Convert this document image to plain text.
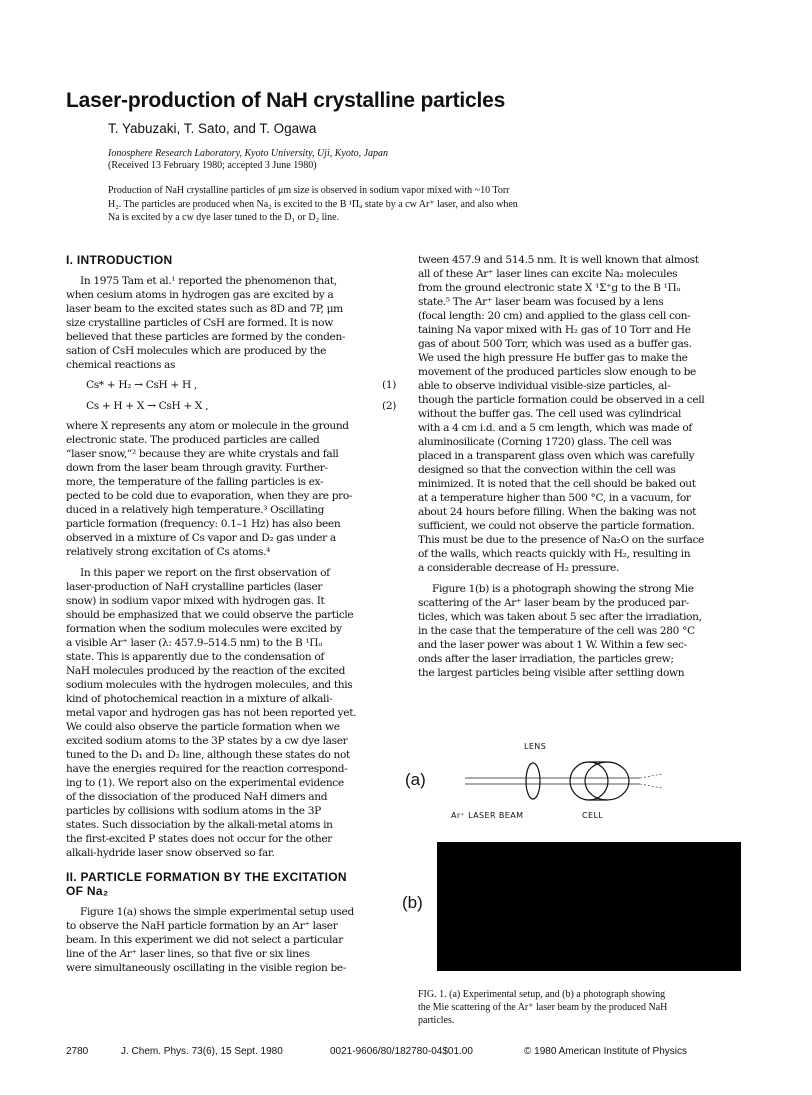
Laser-production of NaH crystalline particles
T. Yabuzaki, T. Sato, and T. Ogawa
Ionosphere Research Laboratory, Kyoto University, Uji, Kyoto, Japan
(Received 13 February 1980; accepted 3 June 1980)
Production of NaH crystalline particles of μm size is observed in sodium vapor mixed with ~10 Torr
H₂. The particles are produced when Na₂ is excited to the B ¹Πᵤ state by a cw Ar⁺ laser, and also when
Na is excited by a cw dye laser tuned to the D₁ or D₂ line.
I. INTRODUCTION
In 1975 Tam et al.¹ reported the phenomenon that,
when cesium atoms in hydrogen gas are excited by a
laser beam to the excited states such as 8D and 7P, μm
size crystalline particles of CsH are formed. It is now
believed that these particles are formed by the conden-
sation of CsH molecules which are produced by the
chemical reactions as
Cs* + H₂ → CsH + H ,	(1)
Cs + H + X → CsH + X ,	(2)
where X represents any atom or molecule in the ground
electronic state. The produced particles are called
“laser snow,”² because they are white crystals and fall
down from the laser beam through gravity. Further-
more, the temperature of the falling particles is ex-
pected to be cold due to evaporation, when they are pro-
duced in a relatively high temperature.³ Oscillating
particle formation (frequency: 0.1–1 Hz) has also been
observed in a mixture of Cs vapor and D₂ gas under a
relatively strong excitation of Cs atoms.⁴
In this paper we report on the first observation of
laser-production of NaH crystalline particles (laser
snow) in sodium vapor mixed with hydrogen gas. It
should be emphasized that we could observe the particle
formation when the sodium molecules were excited by
a visible Ar⁺ laser (λ: 457.9–514.5 nm) to the B ¹Πᵤ
state. This is apparently due to the condensation of
NaH molecules produced by the reaction of the excited
sodium molecules with the hydrogen molecules, and this
kind of photochemical reaction in a mixture of alkali-
metal vapor and hydrogen gas has not been reported yet.
We could also observe the particle formation when we
excited sodium atoms to the 3P states by a cw dye laser
tuned to the D₁ and D₂ line, although these states do not
have the energies required for the reaction correspond-
ing to (1). We report also on the experimental evidence
of the dissociation of the produced NaH dimers and
particles by collisions with sodium atoms in the 3P
states. Such dissociation by the alkali-metal atoms in
the first-excited P states does not occur for the other
alkali-hydride laser snow observed so far.
II. PARTICLE FORMATION BY THE EXCITATION
OF Na₂
Figure 1(a) shows the simple experimental setup used
to observe the NaH particle formation by an Ar⁺ laser
beam. In this experiment we did not select a particular
line of the Ar⁺ laser lines, so that five or six lines
were simultaneously oscillating in the visible region be-
tween 457.9 and 514.5 nm. It is well known that almost
all of these Ar⁺ laser lines can excite Na₂ molecules
from the ground electronic state X ¹Σ⁺g to the B ¹Πᵤ
state.⁵ The Ar⁺ laser beam was focused by a lens
(focal length: 20 cm) and applied to the glass cell con-
taining Na vapor mixed with H₂ gas of 10 Torr and He
gas of about 500 Torr, which was used as a buffer gas.
We used the high pressure He buffer gas to make the
movement of the produced particles slow enough to be
able to observe individual visible-size particles, al-
though the particle formation could be observed in a cell
without the buffer gas. The cell used was cylindrical
with a 4 cm i.d. and a 5 cm length, which was made of
aluminosilicate (Corning 1720) glass. The cell was
placed in a transparent glass oven which was carefully
designed so that the convection within the cell was
minimized. It is noted that the cell should be baked out
at a temperature higher than 500 °C, in a vacuum, for
about 24 hours before filling. When the baking was not
sufficient, we could not observe the particle formation.
This must be due to the presence of Na₂O on the surface
of the walls, which reacts quickly with H₂, resulting in
a considerable decrease of H₂ pressure.
Figure 1(b) is a photograph showing the strong Mie
scattering of the Ar⁺ laser beam by the produced par-
ticles, which was taken about 5 sec after the irradiation,
in the case that the temperature of the cell was 280 °C
and the laser power was about 1 W. Within a few sec-
onds after the laser irradiation, the particles grew;
the largest particles being visible after settling down
LENS
(a)
Ar⁺ LASER BEAM	CELL
(b)
FIG. 1. (a) Experimental setup, and (b) a photograph showing
the Mie scattering of the Ar⁺ laser beam by the produced NaH
particles.
2780	J. Chem. Phys. 73(6), 15 Sept. 1980	0021-9606/80/182780-04$01.00	© 1980 American Institute of Physics
